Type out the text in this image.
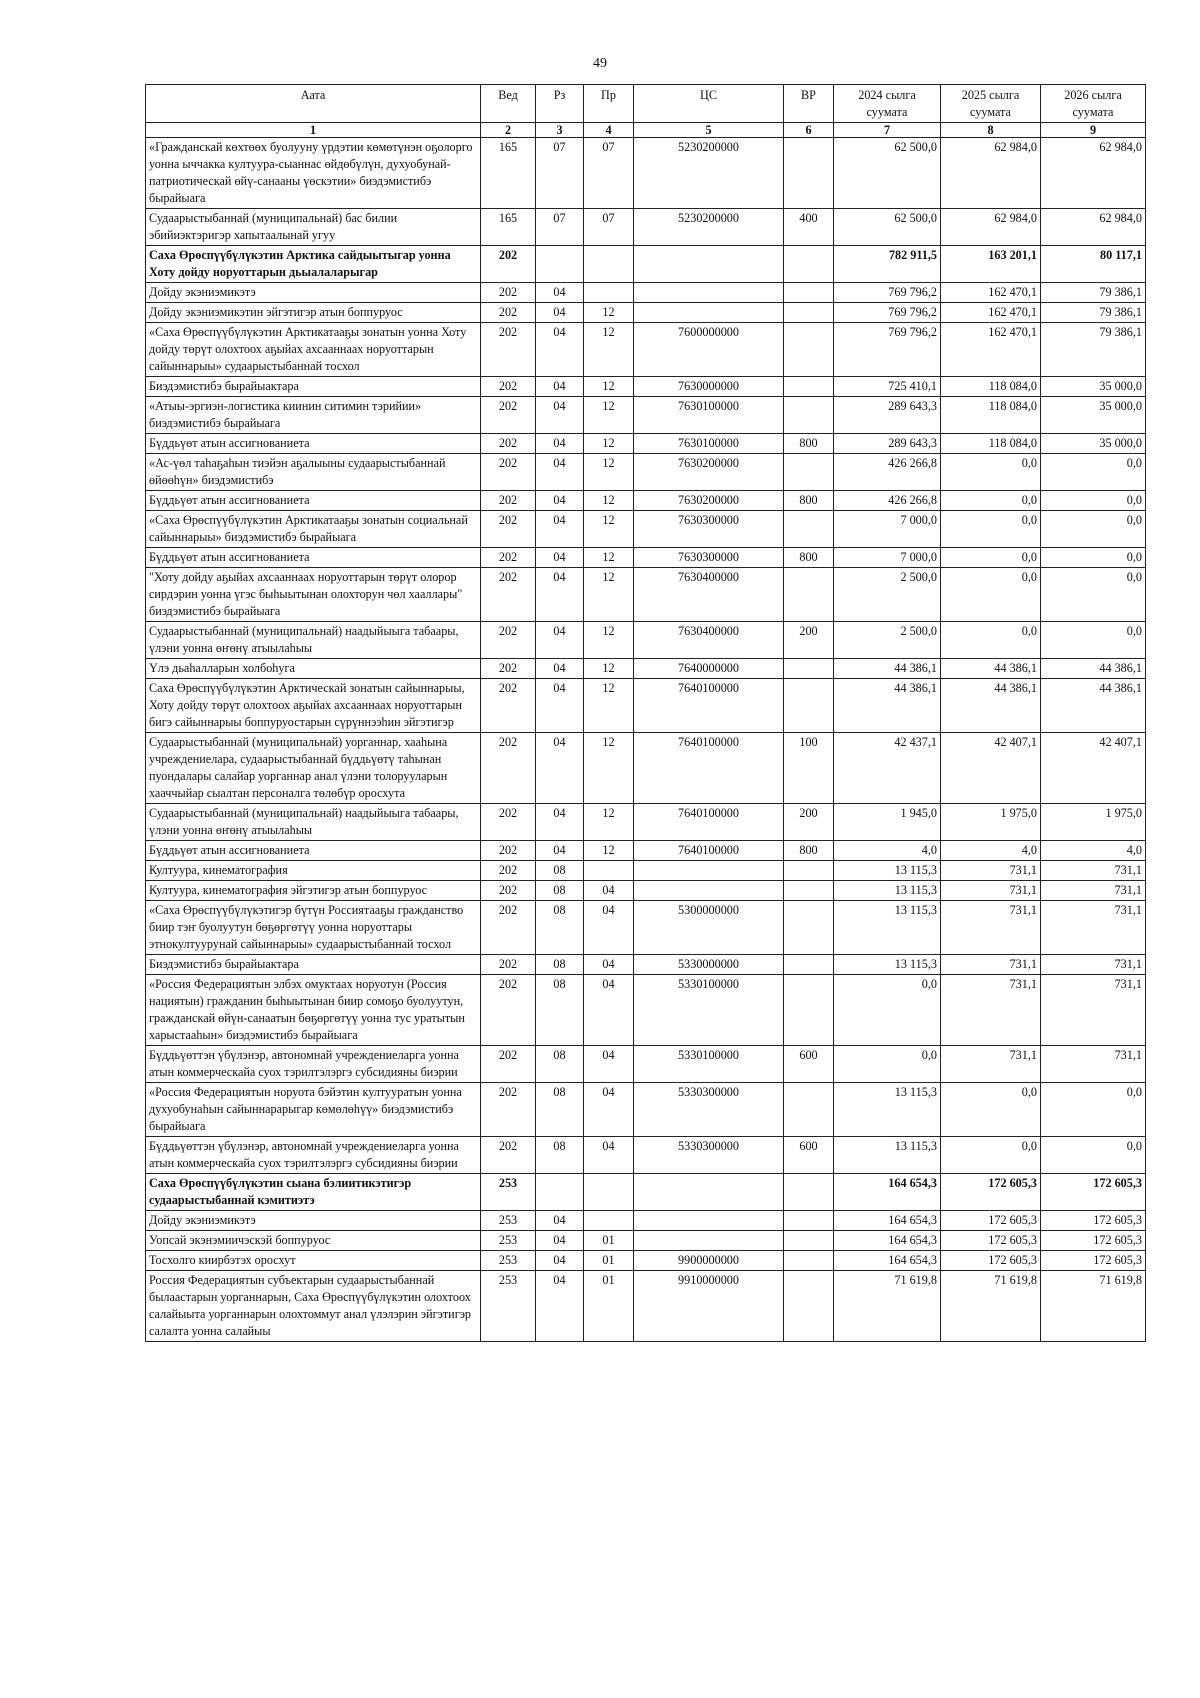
49
Аата	Вед	Рз	Пр	ЦС	ВР	2024 сылга суумата	2025 сылга суумата	2026 сылга суумата
1	2	3	4	5	6	7	8	9
«Гражданскай көхтөөх буолууну үрдэтии көмөтүнэн оҕолорго уонна ыччакка култуура-сыаннас өйдөбүлүн, духуобунай-патриотическай өйү-санааны үөскэтии» биэдэмистибэ бырайыага	165	07	07	5230200000		62 500,0	62 984,0	62 984,0
Судаарыстыбаннай (муниципальнай) бас билии эбийиэктэригэр хапытаалынай угуу	165	07	07	5230200000	400	62 500,0	62 984,0	62 984,0
Саха Өрөспүүбүлүкэтин Арктика сайдыытыгар уонна Хоту дойду норуоттарын дьыалаларыгар	202					782 911,5	163 201,1	80 117,1
Дойду экэниэмикэтэ	202	04				769 796,2	162 470,1	79 386,1
Дойду экэниэмикэтин эйгэтигэр атын боппуруос	202	04	12			769 796,2	162 470,1	79 386,1
«Саха Өрөспүүбүлүкэтин Арктикатааҕы зонатын уонна Хоту дойду төрүт олохтоох аҕыйах ахсааннаах норуоттарын сайыннарыы» судаарыстыбаннай тосхол	202	04	12	7600000000		769 796,2	162 470,1	79 386,1
Биэдэмистибэ бырайыактара	202	04	12	7630000000		725 410,1	118 084,0	35 000,0
«Атыы-эргиэн-логистика киинин ситимин тэрийии» биэдэмистибэ бырайыага	202	04	12	7630100000		289 643,3	118 084,0	35 000,0
Бүддьүөт атын ассигнованиета	202	04	12	7630100000	800	289 643,3	118 084,0	35 000,0
«Ас-үөл таһаҕаһын тиэйэн аҕалыыны судаарыстыбаннай өйөөһүн» биэдэмистибэ	202	04	12	7630200000		426 266,8	0,0	0,0
Бүддьүөт атын ассигнованиета	202	04	12	7630200000	800	426 266,8	0,0	0,0
«Саха Өрөспүүбүлүкэтин Арктикатааҕы зонатын социальнай сайыннарыы» биэдэмистибэ бырайыага	202	04	12	7630300000		7 000,0	0,0	0,0
Бүддьүөт атын ассигнованиета	202	04	12	7630300000	800	7 000,0	0,0	0,0
"Хоту дойду аҕыйах ахсааннаах норуоттарын төрүт олорор сирдэрин уонна үгэс быһыытынан олохторун чөл хааллары" биэдэмистибэ бырайыага	202	04	12	7630400000		2 500,0	0,0	0,0
Судаарыстыбаннай (муниципальнай) наадыйыыга табаары, үлэни уонна өҥөнү атыылаһыы	202	04	12	7630400000	200	2 500,0	0,0	0,0
Үлэ дьаһалларын холбоһуга	202	04	12	7640000000		44 386,1	44 386,1	44 386,1
Саха Өрөспүүбүлүкэтин Арктическай зонатын сайыннарыы, Хоту дойду төрүт олохтоох аҕыйах ахсааннаах норуоттарын бигэ сайыннарыы боппуруостарын сүрүннээһин эйгэтигэр	202	04	12	7640100000		44 386,1	44 386,1	44 386,1
Судаарыстыбаннай (муниципальнай) уорганнар, хааһына учреждениелара, судаарыстыбаннай бүддьүөтү таһынан пуондалары салайар уорганнар анал үлэни толорууларын хааччыйар сыалтан персоналга төлөбүр оросхута	202	04	12	7640100000	100	42 437,1	42 407,1	42 407,1
Судаарыстыбаннай (муниципальнай) наадыйыыга табаары, үлэни уонна өҥөнү атыылаһыы	202	04	12	7640100000	200	1 945,0	1 975,0	1 975,0
Бүддьүөт атын ассигнованиета	202	04	12	7640100000	800	4,0	4,0	4,0
Култуура, кинематография	202	08				13 115,3	731,1	731,1
Култуура, кинематография эйгэтигэр атын боппуруос	202	08	04			13 115,3	731,1	731,1
«Саха Өрөспүүбүлүкэтигэр бүтүн Россиятааҕы гражданство биир тэҥ буолуутун бөҕөргөтүү уонна норуоттары этнокултуурунай сайыннарыы» судаарыстыбаннай тосхол	202	08	04	5300000000		13 115,3	731,1	731,1
Биэдэмистибэ бырайыактара	202	08	04	5330000000		13 115,3	731,1	731,1
«Россия Федерациятын элбэх омуктаах норуотун (Россия нациятын) гражданин быһыытынан биир сомоҕо буолуутун, гражданскай өйүн-санаатын бөҕөргөтүү уонна тус уратытын харыстааһын» биэдэмистибэ бырайыага	202	08	04	5330100000		0,0	731,1	731,1
Бүддьүөттэн үбүлэнэр, автономнай учреждениеларга уонна атын коммерческайа суох тэрилтэлэргэ субсидияны биэрии	202	08	04	5330100000	600	0,0	731,1	731,1
«Россия Федерациятын норуота бэйэтин култууратын уонна духуобунаһын сайыннарарыгар көмөлөһүү» биэдэмистибэ бырайыага	202	08	04	5330300000		13 115,3	0,0	0,0
Бүддьүөттэн үбүлэнэр, автономнай учреждениеларга уонна атын коммерческайа суох тэрилтэлэргэ субсидияны биэрии	202	08	04	5330300000	600	13 115,3	0,0	0,0
Саха Өрөспүүбүлүкэтин сыана бэлиитикэтигэр судаарыстыбаннай кэмитиэтэ	253					164 654,3	172 605,3	172 605,3
Дойду экэниэмикэтэ	253	04				164 654,3	172 605,3	172 605,3
Уопсай экэнэмиичэскэй боппуруос	253	04	01			164 654,3	172 605,3	172 605,3
Тосхолго киирбэтэх оросхут	253	04	01	9900000000		164 654,3	172 605,3	172 605,3
Россия Федерациятын субъектарын судаарыстыбаннай былаастарын уорганнарын, Саха Өрөспүүбүлүкэтин олохтоох салайыыта уорганнарын олохтоммут анал үлэлэрин эйгэтигэр салалта уонна салайыы	253	04	01	9910000000		71 619,8	71 619,8	71 619,8
